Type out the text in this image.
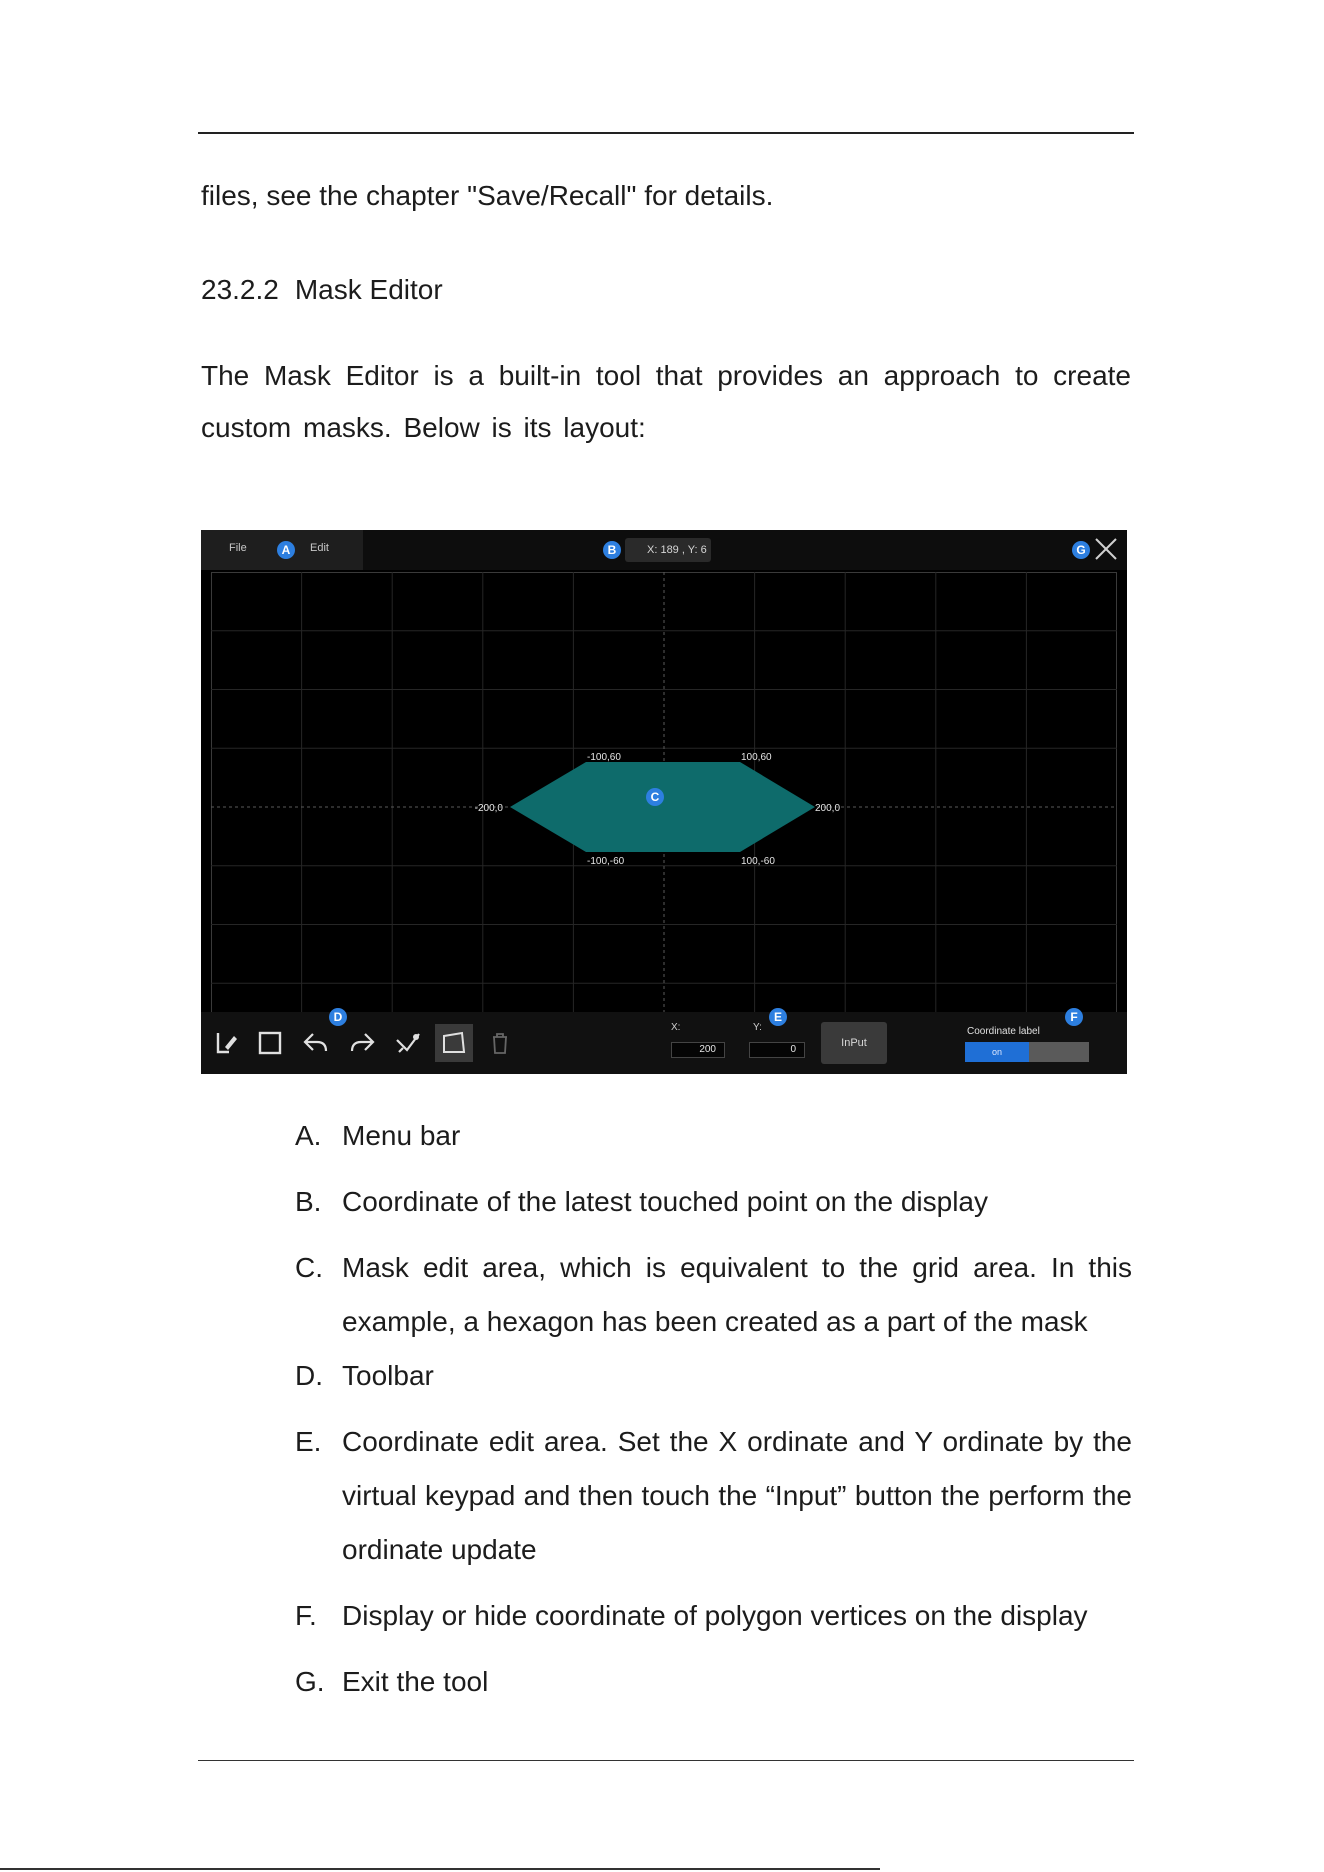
files, see the chapter "Save/Recall" for details.
23.2.2 Mask Editor
The Mask Editor is a built-in tool that provides an approach to create custom masks. Below is its layout:
File	A	Edit	B	X: 189 , Y: 6	G
-100,60	100,60
-200,0	200,0
-100,-60	100,-60
C
D
X:
200
Y:
0
E
InPut
Coordinate label
F
on
A. Menu bar
B. Coordinate of the latest touched point on the display
C. Mask edit area, which is equivalent to the grid area. In this example, a hexagon has been created as a part of the mask
D. Toolbar
E. Coordinate edit area. Set the X ordinate and Y ordinate by the virtual keypad and then touch the “Input” button the perform the ordinate update
F. Display or hide coordinate of polygon vertices on the display
G. Exit the tool
